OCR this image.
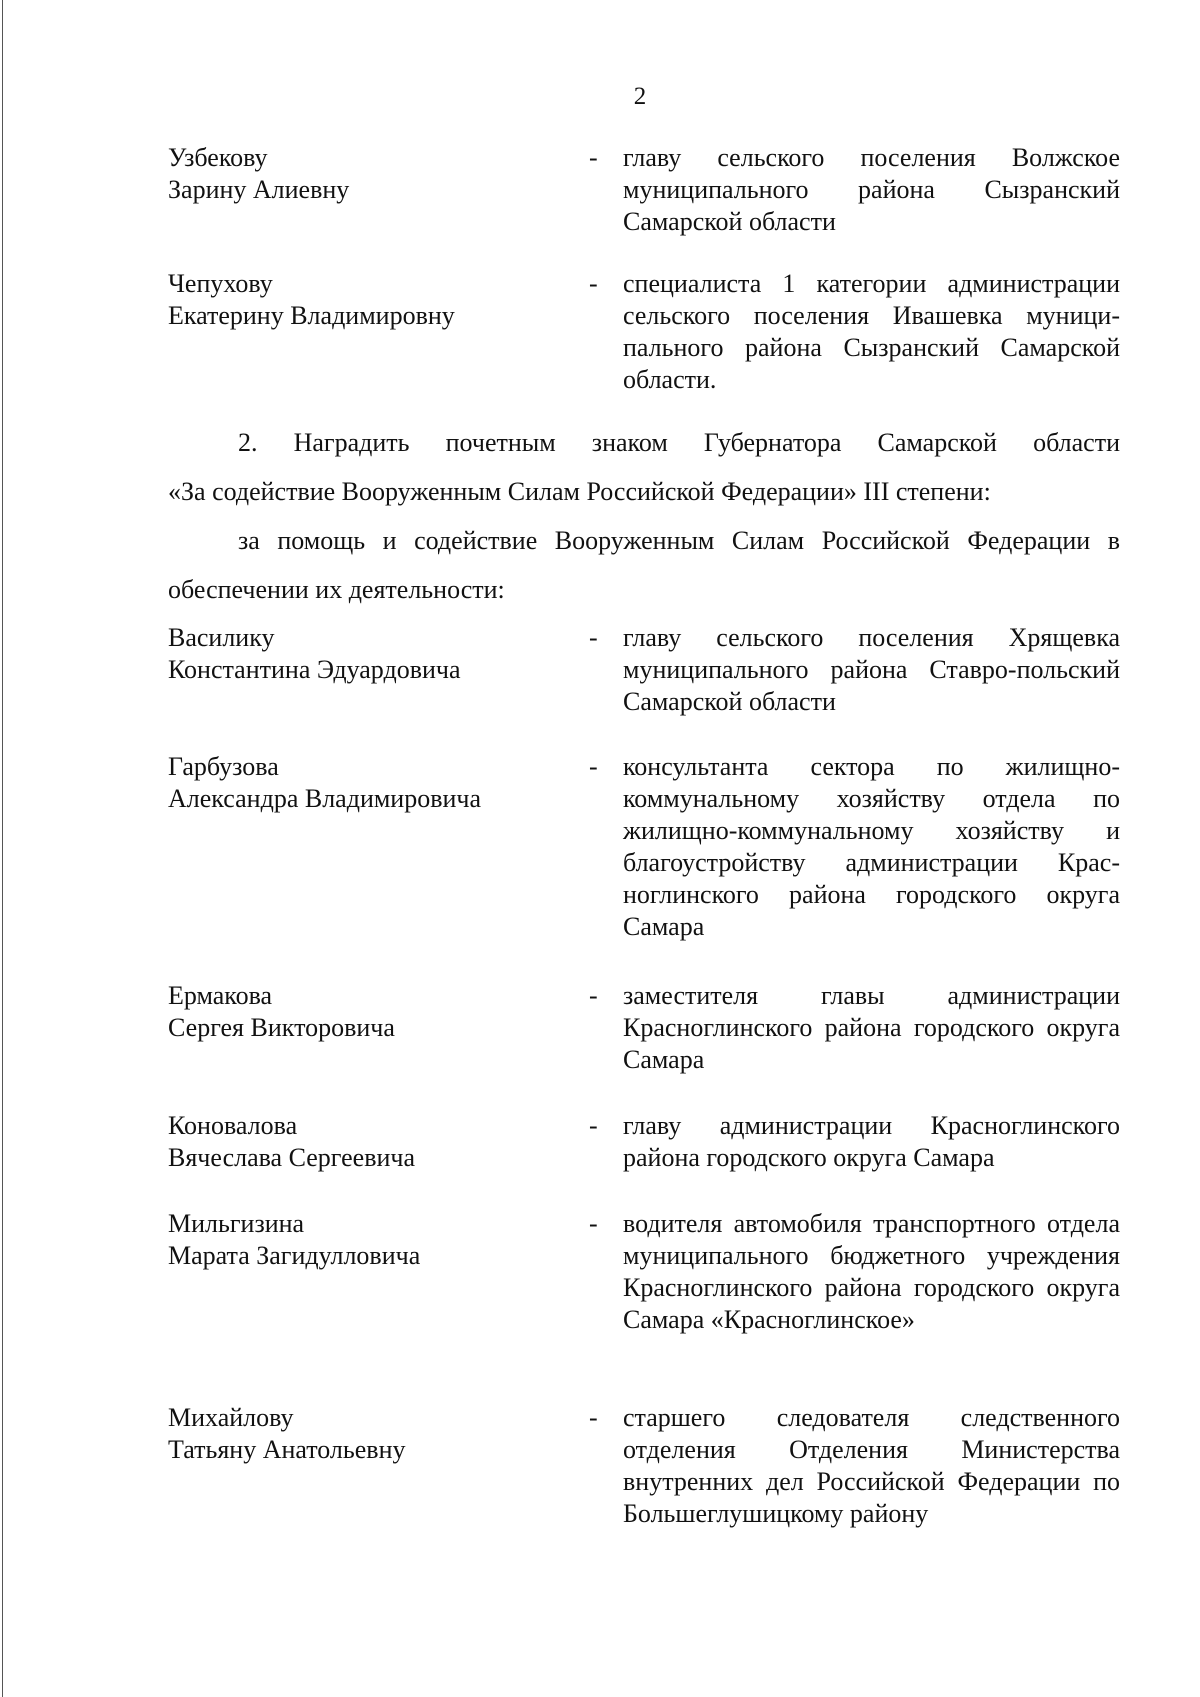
2
Узбекову
Зарину Алиевну
- главу сельского поселения Волжское муниципального района Сызранский Самарской области
Чепухову
Екатерину Владимировну
- специалиста 1 категории администрации сельского поселения Ивашевка муници-пального района Сызранский Самарской области.
2. Наградить почетным знаком Губернатора Самарской области
«За содействие Вооруженным Силам Российской Федерации» III степени:
за помощь и содействие Вооруженным Силам Российской Федерации в
обеспечении их деятельности:
Василику
Константина Эдуардовича
- главу сельского поселения Хрящевка муниципального района Ставро-польский Самарской области
Гарбузова
Александра Владимировича
- консультанта сектора по жилищно-коммунальному хозяйству отдела по жилищно-коммунальному хозяйству и благоустройству администрации Крас-ноглинского района городского округа Самара
Ермакова
Сергея Викторовича
- заместителя главы администрации Красноглинского района городского округа Самара
Коновалова
Вячеслава Сергеевича
- главу администрации Красноглинского района городского округа Самара
Мильгизина
Марата Загидулловича
- водителя автомобиля транспортного отдела муниципального бюджетного учреждения Красноглинского района городского округа Самара «Красноглинское»
Михайлову
Татьяну Анатольевну
- старшего следователя следственного отделения Отделения Министерства внутренних дел Российской Федерации по Большеглушицкому району
